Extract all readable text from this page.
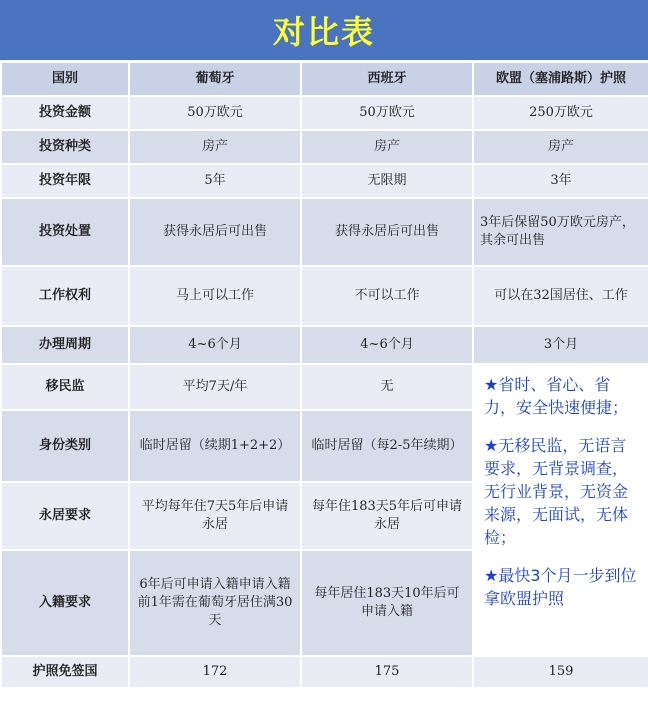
对比表
国别	葡萄牙	西班牙	欧盟（塞浦路斯）护照
投资金额	50万欧元	50万欧元	250万欧元
投资种类	房产	房产	房产
投资年限	5年	无限期	3年
投资处置	获得永居后可出售	获得永居后可出售	3年后保留50万欧元房产，其余可出售
工作权利	马上可以工作	不可以工作	可以在32国居住、工作
办理周期	4~6个月	4~6个月	3个月
移民监	平均7天/年	无	★省时、省心、省力，安全快速便捷；

★无移民监，无语言要求，无背景调查，无行业背景，无资金来源，无面试，无体检；

★最快3个月一步到位拿欧盟护照

身份类别	临时居留（续期1+2+2）	临时居留（每2-5年续期）	
永居要求	平均每年住7天5年后申请永居	每年住183天5年后可申请永居	
入籍要求	6年后可申请入籍申请入籍前1年需在葡萄牙居住满30天	每年居住183天10年后可申请入籍	
护照免签国	172	175	159
